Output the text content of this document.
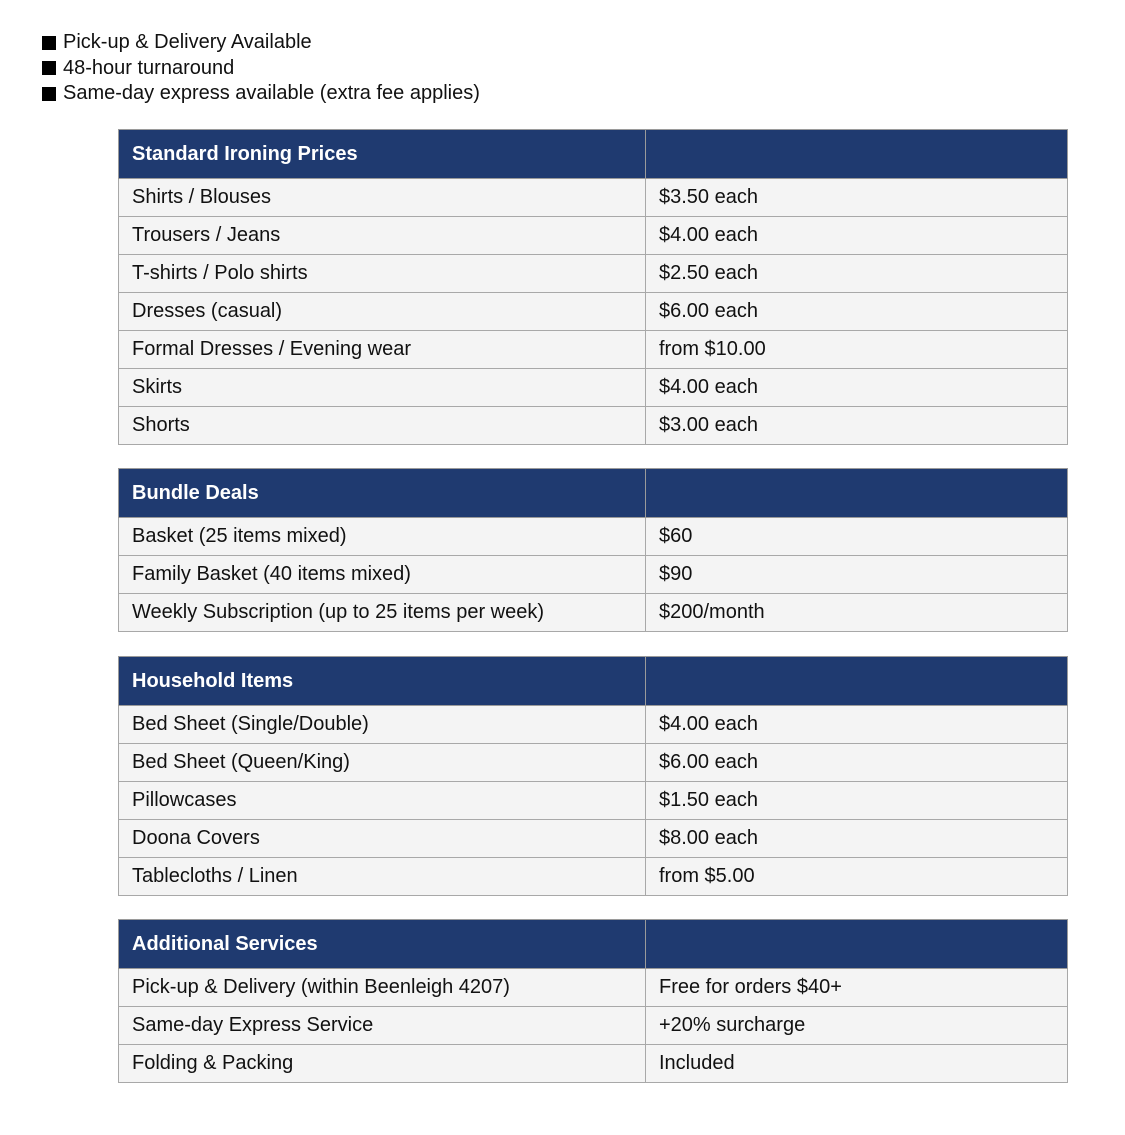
Pick-up & Delivery Available
48-hour turnaround
Same-day express available (extra fee applies)
Standard Ironing Prices	
Shirts / Blouses	$3.50 each
Trousers / Jeans	$4.00 each
T-shirts / Polo shirts	$2.50 each
Dresses (casual)	$6.00 each
Formal Dresses / Evening wear	from $10.00
Skirts	$4.00 each
Shorts	$3.00 each
Bundle Deals	
Basket (25 items mixed)	$60
Family Basket (40 items mixed)	$90
Weekly Subscription (up to 25 items per week)	$200/month
Household Items	
Bed Sheet (Single/Double)	$4.00 each
Bed Sheet (Queen/King)	$6.00 each
Pillowcases	$1.50 each
Doona Covers	$8.00 each
Tablecloths / Linen	from $5.00
Additional Services	
Pick-up & Delivery (within Beenleigh 4207)	Free for orders $40+
Same-day Express Service	+20% surcharge
Folding & Packing	Included
